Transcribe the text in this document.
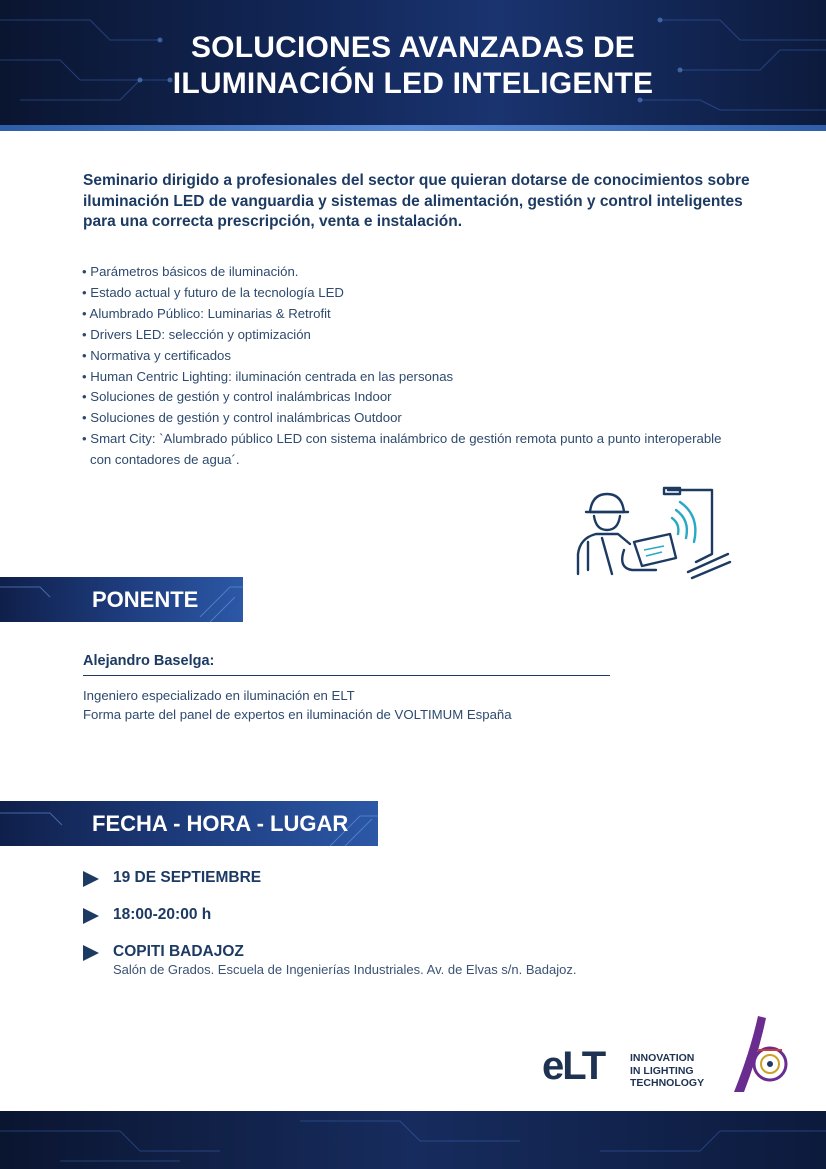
SOLUCIONES AVANZADAS DE
ILUMINACIÓN LED INTELIGENTE
Seminario dirigido a profesionales del sector que quieran dotarse de conocimientos sobre iluminación LED de vanguardia y sistemas de alimentación, gestión y control inteligentes para una correcta prescripción, venta e instalación.
• Parámetros básicos de iluminación.
• Estado actual y futuro de la tecnología LED
• Alumbrado Público: Luminarias & Retrofit
• Drivers LED: selección y optimización
• Normativa y certificados
• Human Centric Lighting: iluminación centrada en las personas
• Soluciones de gestión y control inalámbricas Indoor
• Soluciones de gestión y control inalámbricas Outdoor
• Smart City: `Alumbrado público LED con sistema inalámbrico de gestión remota punto a punto interoperable con contadores de agua´.
PONENTE
Alejandro Baselga:
Ingeniero especializado en iluminación en ELT
Forma parte del panel de expertos en iluminación de VOLTIMUM España
FECHA - HORA - LUGAR
19 DE SEPTIEMBRE
18:00-20:00 h
COPITI BADAJOZ
Salón de Grados. Escuela de Ingenierías Industriales. Av. de Elvas s/n. Badajoz.
eLT INNOVATION
IN LIGHTING
TECHNOLOGY
